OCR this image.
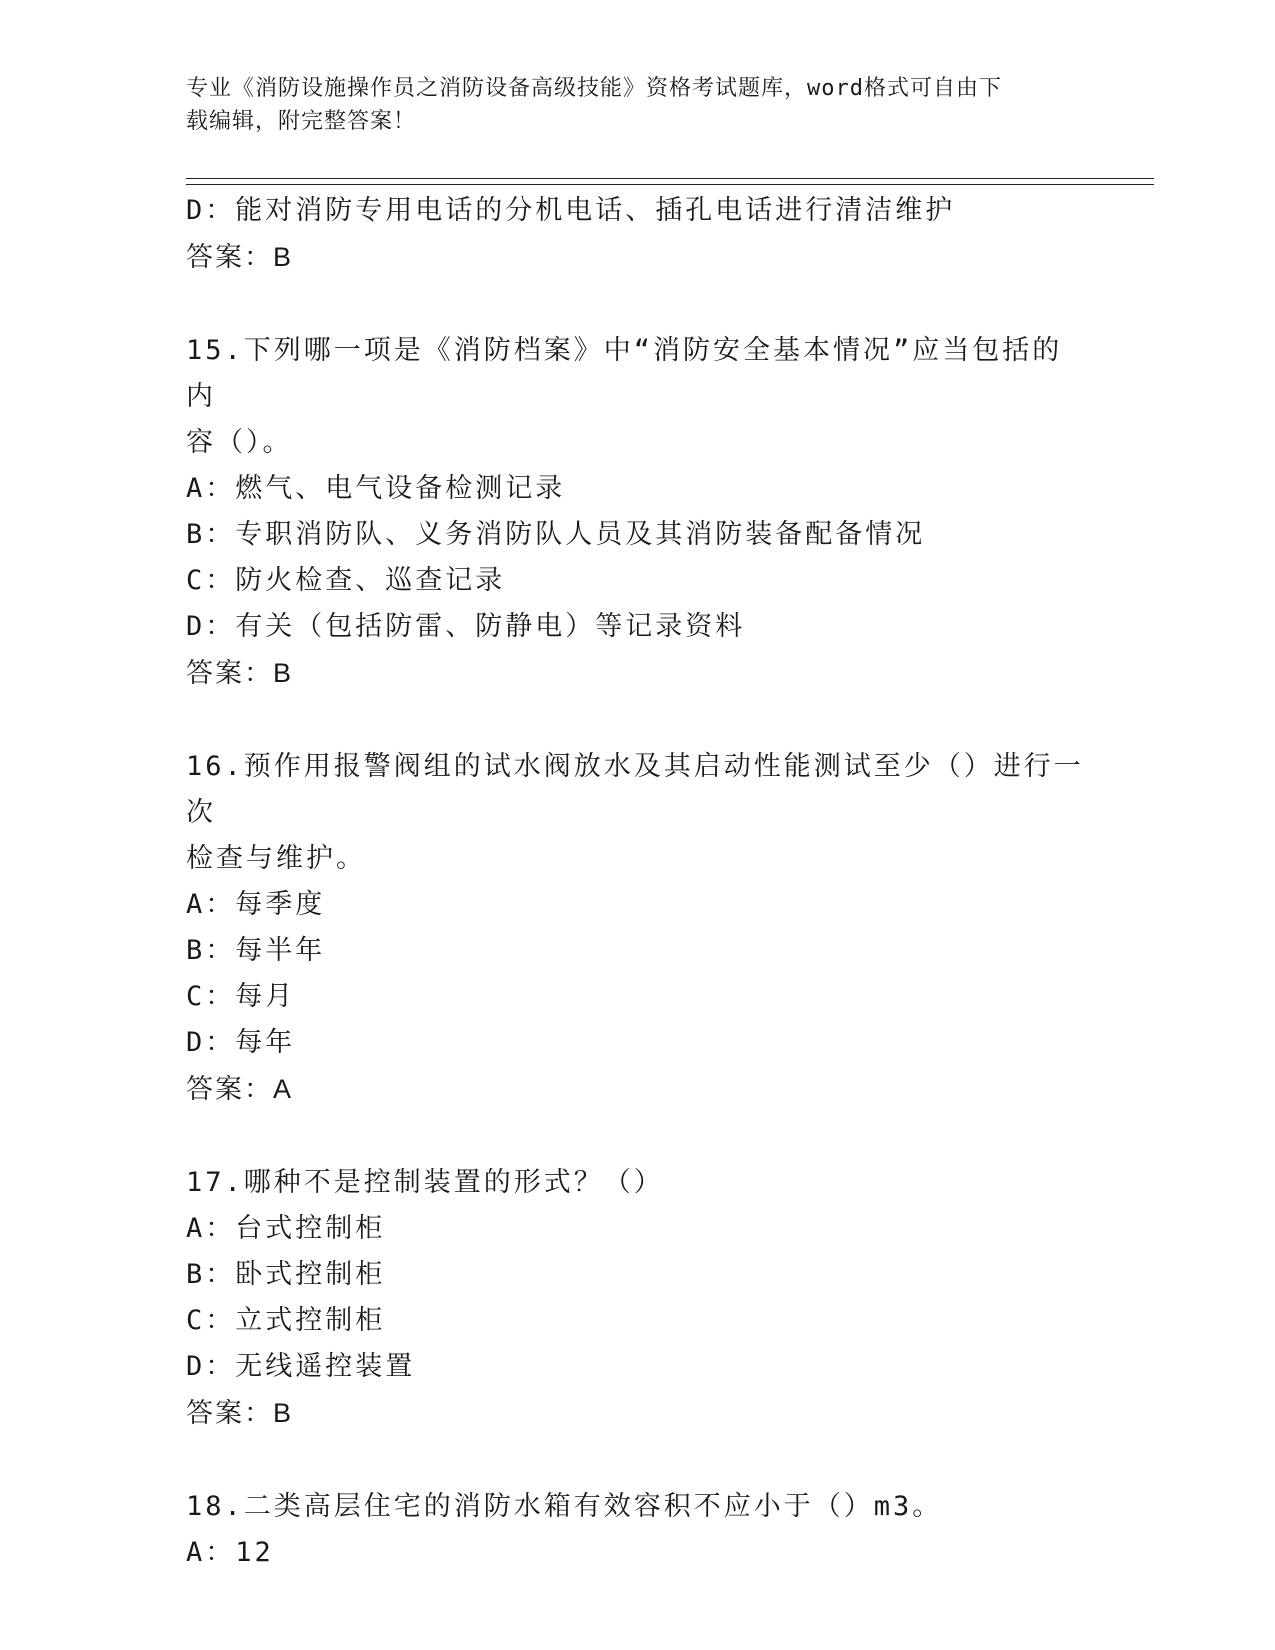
专业《消防设施操作员之消防设备高级技能》资格考试题库，word格式可自由下
载编辑，附完整答案！
D：能对消防专用电话的分机电话、插孔电话进行清洁维护
答案：B
15.下列哪一项是《消防档案》中“消防安全基本情况”应当包括的内
容（）。
A：燃气、电气设备检测记录
B：专职消防队、义务消防队人员及其消防装备配备情况
C：防火检查、巡查记录
D：有关（包括防雷、防静电）等记录资料
答案：B
16.预作用报警阀组的试水阀放水及其启动性能测试至少（）进行一次
检查与维护。
A：每季度
B：每半年
C：每月
D：每年
答案：A
17.哪种不是控制装置的形式？（）
A：台式控制柜
B：卧式控制柜
C：立式控制柜
D：无线遥控装置
答案：B
18.二类高层住宅的消防水箱有效容积不应小于（）m3。
A：12
